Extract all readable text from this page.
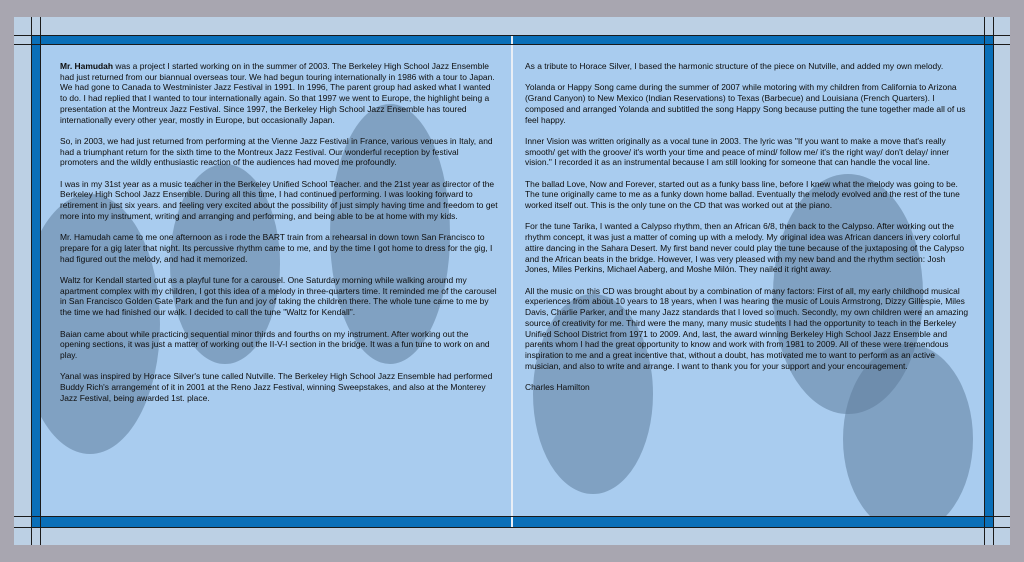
Mr. Hamudah was a project I started working on in the summer of 2003. The Berkeley High School Jazz Ensemble had just returned from our biannual overseas tour. We had begun touring internationally in 1986 with a tour to Japan. We had gone to Canada to Westminister Jazz Festival in 1991. In 1996, The parent group had asked what I wanted to do. I had replied that I wanted to tour internationally again. So that 1997 we went to Europe, the highlight being a presentation at the Montreux Jazz Festival. Since 1997, the Berkeley High School Jazz Ensemble has toured internationally every other year, mostly in Europe, but occasionally Japan.

So, in 2003, we had just returned from performing at the Vienne Jazz Festival in France, various venues in Italy, and had a triumphant return for the sixth time to the Montreux Jazz Festival. Our wonderful reception by festival promoters and the wildly enthusiastic reaction of the audiences had moved me profoundly.

I was in my 31st year as a music teacher in the Berkeley Unified School Teacher. and the 21st year as director of the Berkeley High School Jazz Ensemble. During all this time, I had continued performing. I was looking forward to retirement in just six years. and feeling very excited about the possibility of just simply having time and freedom to get more into my instrument, writing and arranging and performing, and being able to be at home with my kids.

Mr. Hamudah came to me one afternoon as i rode the BART train from a rehearsal in down town San Francisco to prepare for a gig later that night. Its percussive rhythm came to me, and by the time I got home to dress for the gig, I had figured out the melody, and had it memorized.

Waltz for Kendall started out as a playful tune for a carousel. One Saturday morning while walking around my apartment complex with my children, I got this idea of a melody in three-quarters time. It reminded me of the carousel in San Francisco Golden Gate Park and the fun and joy of taking the children there. The whole tune came to me by the time we had finished our walk. I decided to call the tune "Waltz for Kendall".

Baian came about while practicing sequential minor thirds and fourths on my instrument. After working out the opening sections, it was just a matter of working out the II-V-I section in the bridge. It was a fun tune to work on and play.

Yanal was inspired by Horace Silver's tune called Nutville. The Berkeley High School Jazz Ensemble had performed Buddy Rich's arrangement of it in 2001 at the Reno Jazz Festival, winning Sweepstakes, and also at the Monterey Jazz Festival, being awarded 1st. place.

As a tribute to Horace Silver, I based the harmonic structure of the piece on Nutville, and added my own melody.

Yolanda or Happy Song came during the summer of 2007 while motoring with my children from California to Arizona (Grand Canyon) to New Mexico (Indian Reservations) to Texas (Barbecue) and Louisiana (French Quarters). I composed and arranged Yolanda and subtitled the song Happy Song because putting the tune together made all of us feel happy.

Inner Vision was written originally as a vocal tune in 2003. The lyric was "If you want to make a move that's really smooth/ get with the groove/ it's worth your time and peace of mind/ follow me/ it's the right way/ don't delay/ inner vision." I recorded it as an instrumental because I am still looking for someone that can handle the vocal line.

The ballad Love, Now and Forever, started out as a funky bass line, before I knew what the melody was going to be. The tune originally came to me as a funky down home ballad. Eventually the melody evolved and the rest of the tune worked itself out. This is the only tune on the CD that was worked out at the piano.

For the tune Tarika, I wanted a Calypso rhythm, then an African 6/8, then back to the Calypso. After working out the rhythm concept, it was just a matter of coming up with a melody. My original idea was African dancers in very colorful attire dancing in the Sahara Desert. My first band never could play the tune because of the juxtaposing of the Calypso and the African beats in the bridge. However, I was very pleased with my new band and the rhythm section: Josh Jones, Miles Perkins, Michael Aaberg, and Moshe Milón. They nailed it right away.

All the music on this CD was brought about by a combination of many factors: First of all, my early childhood musical experiences from about 10 years to 18 years, when I was hearing the music of Louis Armstrong, Dizzy Gillespie, Miles Davis, Charlie Parker, and the many Jazz standards that I loved so much. Secondly, my own children were an amazing source of creativity for me. Third were the many, many music students I had the opportunity to teach in the Berkeley Unified School District from 1971 to 2009. And, last, the award winning Berkeley High School Jazz Ensemble and parents whom I had the great opportunity to know and work with from 1981 to 2009. All of these were tremendous inspiration to me and a great incentive that, without a doubt, has motivated me to want to perform as an active musician, and also to write and arrange. I want to thank you for your support and your encouragement.

Charles Hamilton
